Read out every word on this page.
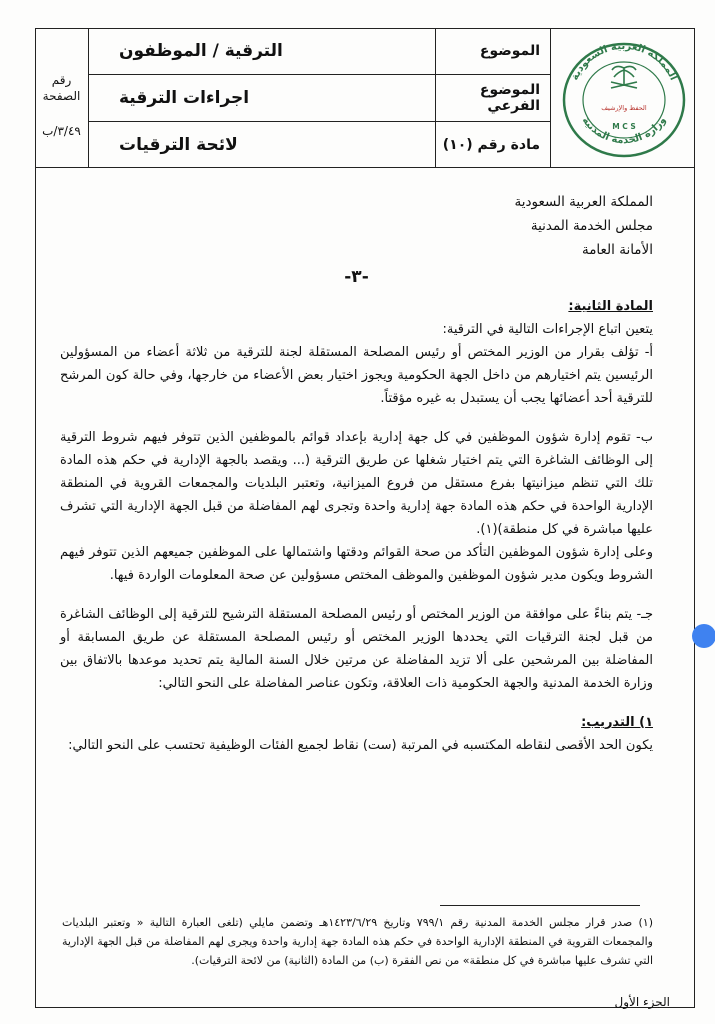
المملكة العربية السعودية
وزارة الخدمة المدنية
الحفظ والإرشيف
M C S
الموضوع
الموضوع الفرعي
مادة رقم (١٠)
الترقية / الموظفون
اجراءات الترقية
لائحة الترقيات
رقم الصفحة
٣/٤٩/ب
المملكة العربية السعودية
مجلس الخدمة المدنية
الأمانة العامة
-٣-
المادة الثانية:
يتعين اتباع الإجراءات التالية في الترقية:
أ- تؤلف بقرار من الوزير المختص أو رئيس المصلحة المستقلة لجنة للترقية من ثلاثة أعضاء من المسؤولين الرئيسين يتم اختيارهم من داخل الجهة الحكومية ويجوز اختيار بعض الأعضاء من خارجها، وفي حالة كون المرشح للترقية أحد أعضائها يجب أن يستبدل به غيره مؤقتاً.
ب- تقوم إدارة شؤون الموظفين في كل جهة إدارية بإعداد قوائم بالموظفين الذين تتوفر فيهم شروط الترقية إلى الوظائف الشاغرة التي يتم اختيار شغلها عن طريق الترقية (... ويقصد بالجهة الإدارية في حكم هذه المادة تلك التي تنظم ميزانيتها بفرع مستقل من فروع الميزانية، وتعتبر البلديات والمجمعات القروية في المنطقة الإدارية الواحدة في حكم هذه المادة جهة إدارية واحدة وتجرى لهم المفاضلة من قبل الجهة الإدارية التي تشرف عليها مباشرة في كل منطقة)(١).
وعلى إدارة شؤون الموظفين التأكد من صحة القوائم ودقتها واشتمالها على الموظفين جميعهم الذين تتوفر فيهم الشروط ويكون مدير شؤون الموظفين والموظف المختص مسؤولين عن صحة المعلومات الواردة فيها.
جـ- يتم بناءً على موافقة من الوزير المختص أو رئيس المصلحة المستقلة الترشيح للترقية إلى الوظائف الشاغرة من قبل لجنة الترقيات التي يحددها الوزير المختص أو رئيس المصلحة المستقلة عن طريق المسابقة أو المفاضلة بين المرشحين على ألا تزيد المفاضلة عن مرتين خلال السنة المالية يتم تحديد موعدها بالاتفاق بين وزارة الخدمة المدنية والجهة الحكومية ذات العلاقة، وتكون عناصر المفاضلة على النحو التالي:
١) التدريب:
يكون الحد الأقصى لنقاطه المكتسبه في المرتبة (ست) نقاط لجميع الفئات الوظيفية تحتسب على النحو التالي:
(١) صدر قرار مجلس الخدمة المدنية رقم ٧٩٩/١ وتاريخ ١٤٢٣/٦/٢٩هـ وتضمن مايلي (تلغى العبارة التالية « وتعتبر البلديات والمجمعات القروية في المنطقة الإدارية الواحدة في حكم هذه المادة جهة إدارية واحدة ويجرى لهم المفاضلة من قبل الجهة الإدارية التي تشرف عليها مباشرة في كل منطقة» من نص الفقرة (ب) من المادة (الثانية) من لائحة الترقيات).
الجزء الأول
